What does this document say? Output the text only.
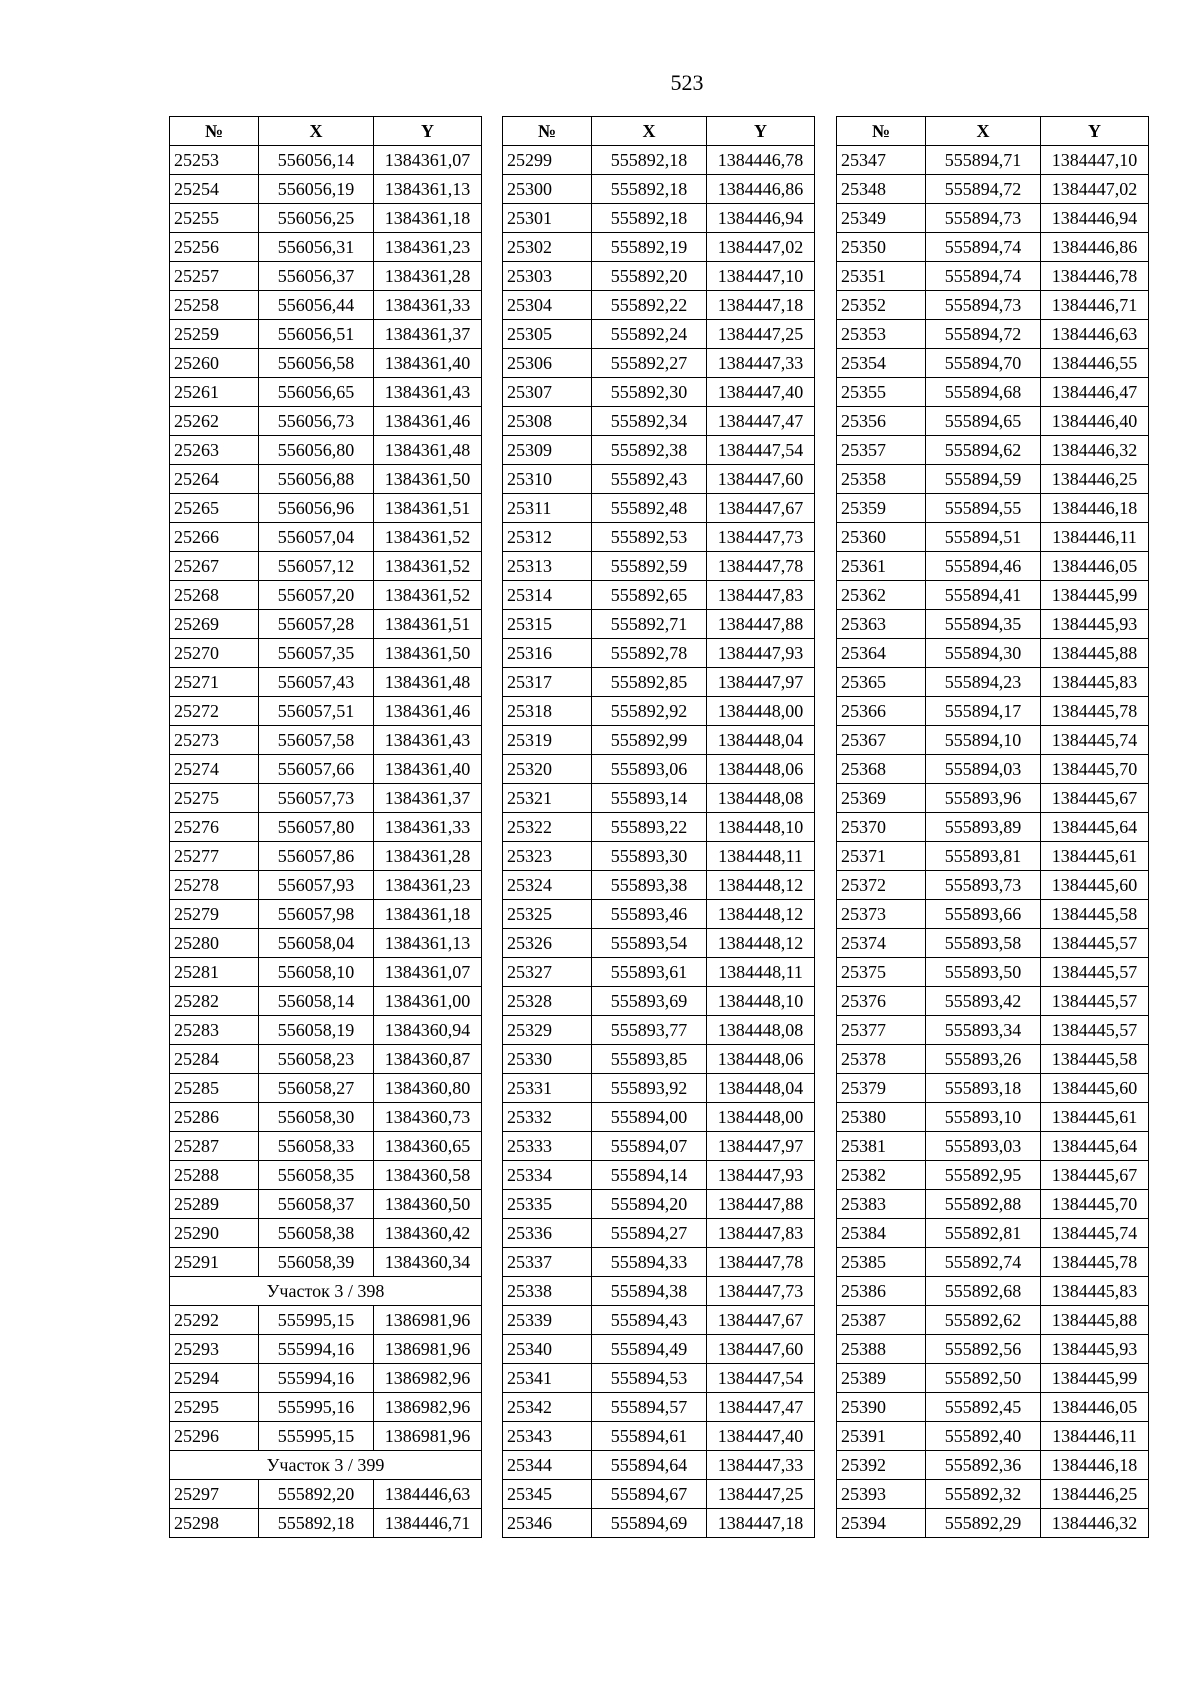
523
№	X	Y
25253	556056,14	1384361,07
25254	556056,19	1384361,13
25255	556056,25	1384361,18
25256	556056,31	1384361,23
25257	556056,37	1384361,28
25258	556056,44	1384361,33
25259	556056,51	1384361,37
25260	556056,58	1384361,40
25261	556056,65	1384361,43
25262	556056,73	1384361,46
25263	556056,80	1384361,48
25264	556056,88	1384361,50
25265	556056,96	1384361,51
25266	556057,04	1384361,52
25267	556057,12	1384361,52
25268	556057,20	1384361,52
25269	556057,28	1384361,51
25270	556057,35	1384361,50
25271	556057,43	1384361,48
25272	556057,51	1384361,46
25273	556057,58	1384361,43
25274	556057,66	1384361,40
25275	556057,73	1384361,37
25276	556057,80	1384361,33
25277	556057,86	1384361,28
25278	556057,93	1384361,23
25279	556057,98	1384361,18
25280	556058,04	1384361,13
25281	556058,10	1384361,07
25282	556058,14	1384361,00
25283	556058,19	1384360,94
25284	556058,23	1384360,87
25285	556058,27	1384360,80
25286	556058,30	1384360,73
25287	556058,33	1384360,65
25288	556058,35	1384360,58
25289	556058,37	1384360,50
25290	556058,38	1384360,42
25291	556058,39	1384360,34
Участок 3 / 398		
25292	555995,15	1386981,96
25293	555994,16	1386981,96
25294	555994,16	1386982,96
25295	555995,16	1386982,96
25296	555995,15	1386981,96
Участок 3 / 399		
25297	555892,20	1384446,63
25298	555892,18	1384446,71
№	X	Y
25299	555892,18	1384446,78
25300	555892,18	1384446,86
25301	555892,18	1384446,94
25302	555892,19	1384447,02
25303	555892,20	1384447,10
25304	555892,22	1384447,18
25305	555892,24	1384447,25
25306	555892,27	1384447,33
25307	555892,30	1384447,40
25308	555892,34	1384447,47
25309	555892,38	1384447,54
25310	555892,43	1384447,60
25311	555892,48	1384447,67
25312	555892,53	1384447,73
25313	555892,59	1384447,78
25314	555892,65	1384447,83
25315	555892,71	1384447,88
25316	555892,78	1384447,93
25317	555892,85	1384447,97
25318	555892,92	1384448,00
25319	555892,99	1384448,04
25320	555893,06	1384448,06
25321	555893,14	1384448,08
25322	555893,22	1384448,10
25323	555893,30	1384448,11
25324	555893,38	1384448,12
25325	555893,46	1384448,12
25326	555893,54	1384448,12
25327	555893,61	1384448,11
25328	555893,69	1384448,10
25329	555893,77	1384448,08
25330	555893,85	1384448,06
25331	555893,92	1384448,04
25332	555894,00	1384448,00
25333	555894,07	1384447,97
25334	555894,14	1384447,93
25335	555894,20	1384447,88
25336	555894,27	1384447,83
25337	555894,33	1384447,78
25338	555894,38	1384447,73
25339	555894,43	1384447,67
25340	555894,49	1384447,60
25341	555894,53	1384447,54
25342	555894,57	1384447,47
25343	555894,61	1384447,40
25344	555894,64	1384447,33
25345	555894,67	1384447,25
25346	555894,69	1384447,18
№	X	Y
25347	555894,71	1384447,10
25348	555894,72	1384447,02
25349	555894,73	1384446,94
25350	555894,74	1384446,86
25351	555894,74	1384446,78
25352	555894,73	1384446,71
25353	555894,72	1384446,63
25354	555894,70	1384446,55
25355	555894,68	1384446,47
25356	555894,65	1384446,40
25357	555894,62	1384446,32
25358	555894,59	1384446,25
25359	555894,55	1384446,18
25360	555894,51	1384446,11
25361	555894,46	1384446,05
25362	555894,41	1384445,99
25363	555894,35	1384445,93
25364	555894,30	1384445,88
25365	555894,23	1384445,83
25366	555894,17	1384445,78
25367	555894,10	1384445,74
25368	555894,03	1384445,70
25369	555893,96	1384445,67
25370	555893,89	1384445,64
25371	555893,81	1384445,61
25372	555893,73	1384445,60
25373	555893,66	1384445,58
25374	555893,58	1384445,57
25375	555893,50	1384445,57
25376	555893,42	1384445,57
25377	555893,34	1384445,57
25378	555893,26	1384445,58
25379	555893,18	1384445,60
25380	555893,10	1384445,61
25381	555893,03	1384445,64
25382	555892,95	1384445,67
25383	555892,88	1384445,70
25384	555892,81	1384445,74
25385	555892,74	1384445,78
25386	555892,68	1384445,83
25387	555892,62	1384445,88
25388	555892,56	1384445,93
25389	555892,50	1384445,99
25390	555892,45	1384446,05
25391	555892,40	1384446,11
25392	555892,36	1384446,18
25393	555892,32	1384446,25
25394	555892,29	1384446,32
